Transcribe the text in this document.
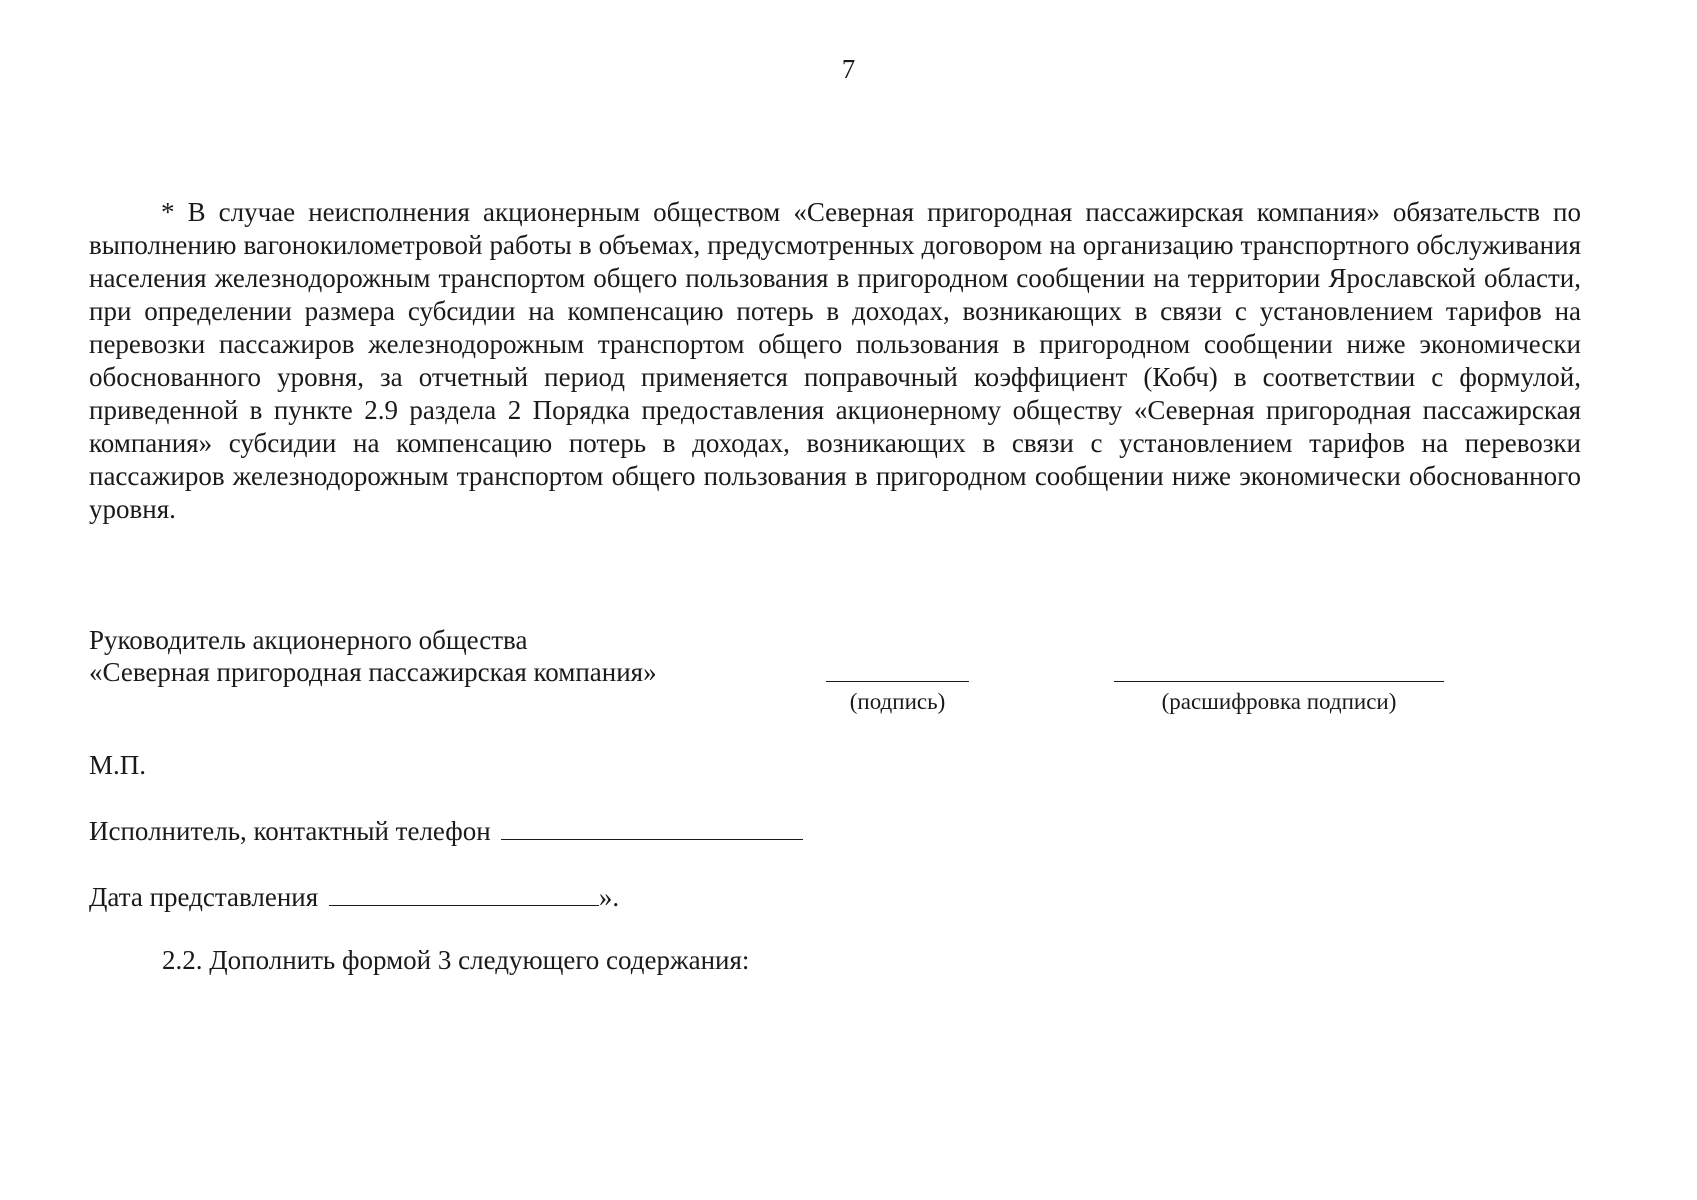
7

* В случае неисполнения акционерным обществом «Северная пригородная пассажирская компания» обязательств по выполнению вагонокилометровой работы в объемах, предусмотренных договором на организацию транспортного обслуживания населения железнодорожным транспортом общего пользования в пригородном сообщении на территории Ярославской области, при определении размера субсидии на компенсацию потерь в доходах, возникающих в связи с установлением тарифов на перевозки пассажиров железнодорожным транспортом общего пользования в пригородном сообщении ниже экономически обоснованного уровня, за отчетный период применяется поправочный коэффициент (Кобч) в соответствии с формулой, приведенной в пункте 2.9 раздела 2 Порядка предоставления акционерному обществу «Северная пригородная пассажирская компания» субсидии на компенсацию потерь в доходах, возникающих в связи с установлением тарифов на перевозки пассажиров железнодорожным транспортом общего пользования в пригородном сообщении ниже экономически обоснованного уровня.

Руководитель акционерного общества
«Северная пригородная пассажирская компания»
(подпись)	(расшифровка подписи)
М.П.
Исполнитель, контактный телефон
Дата представления	».
2.2. Дополнить формой 3 следующего содержания:
